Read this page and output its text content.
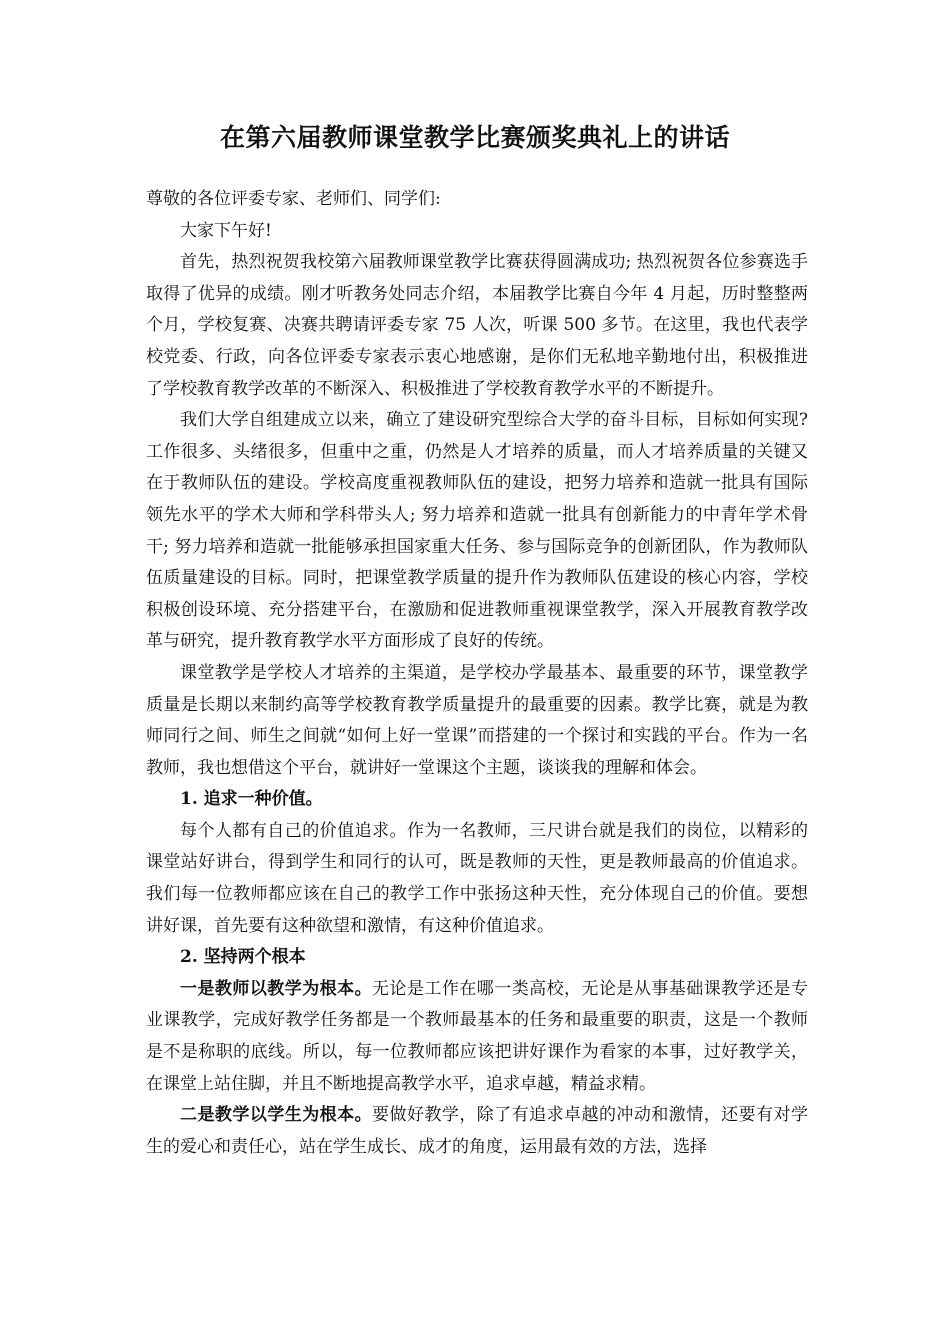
在第六届教师课堂教学比赛颁奖典礼上的讲话

尊敬的各位评委专家、老师们、同学们:

大家下午好!

首先，热烈祝贺我校第六届教师课堂教学比赛获得圆满成功; 热烈祝贺各位参赛选手取得了优异的成绩。刚才听教务处同志介绍，本届教学比赛自今年 4 月起，历时整整两个月，学校复赛、决赛共聘请评委专家 75 人次，听课 500 多节。在这里，我也代表学校党委、行政，向各位评委专家表示衷心地感谢，是你们无私地辛勤地付出，积极推进了学校教育教学改革的不断深入、积极推进了学校教育教学水平的不断提升。

我们大学自组建成立以来，确立了建设研究型综合大学的奋斗目标，目标如何实现? 工作很多、头绪很多，但重中之重，仍然是人才培养的质量，而人才培养质量的关键又在于教师队伍的建设。学校高度重视教师队伍的建设，把努力培养和造就一批具有国际领先水平的学术大师和学科带头人; 努力培养和造就一批具有创新能力的中青年学术骨干; 努力培养和造就一批能够承担国家重大任务、参与国际竞争的创新团队，作为教师队伍质量建设的目标。同时，把课堂教学质量的提升作为教师队伍建设的核心内容，学校积极创设环境、充分搭建平台，在激励和促进教师重视课堂教学，深入开展教育教学改革与研究，提升教育教学水平方面形成了良好的传统。

课堂教学是学校人才培养的主渠道，是学校办学最基本、最重要的环节，课堂教学质量是长期以来制约高等学校教育教学质量提升的最重要的因素。教学比赛，就是为教师同行之间、师生之间就“如何上好一堂课”而搭建的一个探讨和实践的平台。作为一名教师，我也想借这个平台，就讲好一堂课这个主题，谈谈我的理解和体会。

1. 追求一种价值。

每个人都有自己的价值追求。作为一名教师，三尺讲台就是我们的岗位，以精彩的课堂站好讲台，得到学生和同行的认可，既是教师的天性，更是教师最高的价值追求。我们每一位教师都应该在自己的教学工作中张扬这种天性，充分体现自己的价值。要想讲好课，首先要有这种欲望和激情，有这种价值追求。

2. 坚持两个根本

一是教师以教学为根本。无论是工作在哪一类高校，无论是从事基础课教学还是专业课教学，完成好教学任务都是一个教师最基本的任务和最重要的职责，这是一个教师是不是称职的底线。所以，每一位教师都应该把讲好课作为看家的本事，过好教学关，在课堂上站住脚，并且不断地提高教学水平，追求卓越，精益求精。

二是教学以学生为根本。要做好教学，除了有追求卓越的冲动和激情，还要有对学生的爱心和责任心，站在学生成长、成才的角度，运用最有效的方法，选择
